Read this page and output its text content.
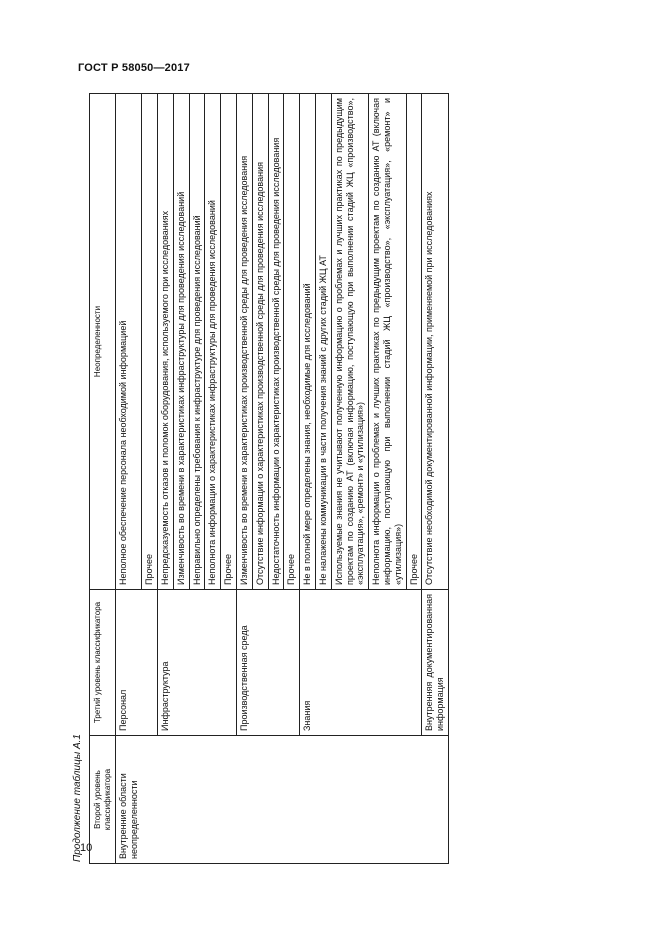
ГОСТ Р 58050—2017
10
Продолжение таблицы А.1 Второй уровень классификатора	Третий уровень классификатора	Неопределенности
Внутренние области неопределенности	Персонал	Неполное обеспечение персонала необходимой информацией
		Прочее
	Инфраструктура	Непредсказуемость отказов и поломок оборудования, используемого при исследованиях
		Изменчивость во времени в характеристиках инфраструктуры для проведения исследований
		Неправильно определены требования к инфраструктуре для проведения исследований
		Неполнота информации о характеристиках инфраструктуры для проведения исследований
		Прочее
	Производственная среда	Изменчивость во времени в характеристиках производственной среды для проведения исследования
		Отсутствие информации о характеристиках производственной среды для проведения исследования
		Недостаточность информации о характеристиках производственной среды для проведения исследования
		Прочее
	Знания	Не в полной мере определены знания, необходимые для исследований
		Не налажены коммуникации в части получения знаний с других стадий ЖЦ АТ
		Используемые знания не учитывают полученную информацию о проблемах и лучших практиках по предыдущим проектам по созданию АТ (включая информацию, поступающую при выполнении стадий ЖЦ «производство», «эксплуатация», «ремонт» и «утилизация»)
		Неполнота информации о проблемах и лучших практиках по предыдущим проектам по созданию АТ (включая информацию, поступающую при выполнении стадий ЖЦ «производство», «эксплуатация», «ремонт» и «утилизация»)
		Прочее
	Внутренняя документированная информация	Отсутствие необходимой документированной информации, применяемой при исследованиях
